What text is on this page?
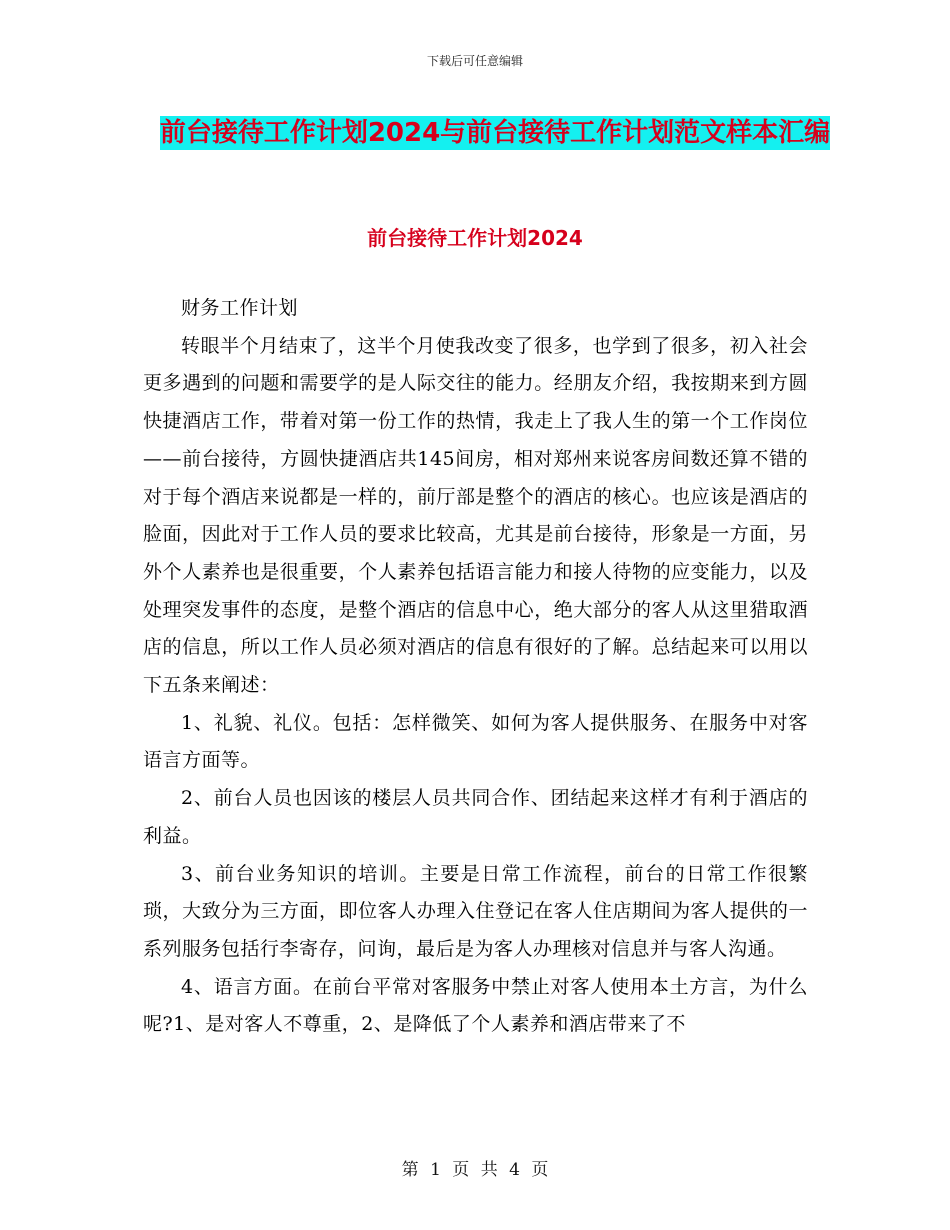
下载后可任意编辑
前台接待工作计划2024与前台接待工作计划范文样本汇编
前台接待工作计划2024

财务工作计划

转眼半个月结束了，这半个月使我改变了很多，也学到了很多，初入社会更多遇到的问题和需要学的是人际交往的能力。经朋友介绍，我按期来到方圆快捷酒店工作，带着对第一份工作的热情，我走上了我人生的第一个工作岗位——前台接待，方圆快捷酒店共145间房，相对郑州来说客房间数还算不错的对于每个酒店来说都是一样的，前厅部是整个的酒店的核心。也应该是酒店的脸面，因此对于工作人员的要求比较高，尤其是前台接待，形象是一方面，另外个人素养也是很重要，个人素养包括语言能力和接人待物的应变能力，以及处理突发事件的态度，是整个酒店的信息中心，绝大部分的客人从这里猎取酒店的信息，所以工作人员必须对酒店的信息有很好的了解。总结起来可以用以下五条来阐述：

1、礼貌、礼仪。包括：怎样微笑、如何为客人提供服务、在服务中对客语言方面等。

2、前台人员也因该的楼层人员共同合作、团结起来这样才有利于酒店的利益。

3、前台业务知识的培训。主要是日常工作流程，前台的日常工作很繁琐，大致分为三方面，即位客人办理入住登记在客人住店期间为客人提供的一系列服务包括行李寄存，问询，最后是为客人办理核对信息并与客人沟通。

4、语言方面。在前台平常对客服务中禁止对客人使用本土方言，为什么呢?1、是对客人不尊重，2、是降低了个人素养和酒店带来了不

第 1 页 共 4 页
